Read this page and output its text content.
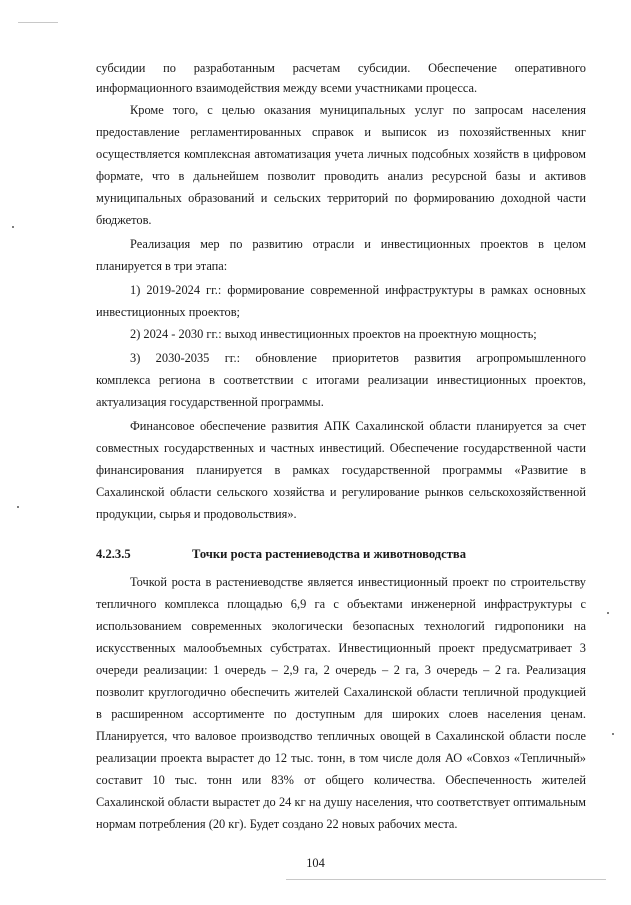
субсидии по разработанным расчетам субсидии. Обеспечение оперативного
информационного взаимодействия между всеми участниками процесса.
Кроме того, с целью оказания муниципальных услуг по запросам населения
предоставление регламентированных справок и выписок из похозяйственных книг
осуществляется комплексная автоматизация учета личных подсобных хозяйств в цифровом
формате, что в дальнейшем позволит проводить анализ ресурсной базы и активов
муниципальных образований и сельских территорий по формированию доходной части
бюджетов.
Реализация мер по развитию отрасли и инвестиционных проектов в целом
планируется в три этапа:
1) 2019-2024 гг.: формирование современной инфраструктуры в рамках основных
инвестиционных проектов;
2) 2024 - 2030 гг.: выход инвестиционных проектов на проектную мощность;
3) 2030-2035 гг.: обновление приоритетов развития агропромышленного
комплекса региона в соответствии с итогами реализации инвестиционных проектов,
актуализация государственной программы.
Финансовое обеспечение развития АПК Сахалинской области планируется за счет
совместных государственных и частных инвестиций. Обеспечение государственной части
финансирования планируется в рамках государственной программы «Развитие в
Сахалинской области сельского хозяйства и регулирование рынков сельскохозяйственной
продукции, сырья и продовольствия».
4.2.3.5	Точки роста растениеводства и животноводства
Точкой роста в растениеводстве является инвестиционный проект по строительству
тепличного комплекса площадью 6,9 га с объектами инженерной инфраструктуры с
использованием современных экологически безопасных технологий гидропоники на
искусственных малообъемных субстратах. Инвестиционный проект предусматривает 3
очереди реализации: 1 очередь – 2,9 га, 2 очередь – 2 га, 3 очередь – 2 га. Реализация
позволит круглогодично обеспечить жителей Сахалинской области тепличной продукцией
в расширенном ассортименте по доступным для широких слоев населения ценам.
Планируется, что валовое производство тепличных овощей в Сахалинской области после
реализации проекта вырастет до 12 тыс. тонн, в том числе доля АО «Совхоз «Тепличный»
составит 10 тыс. тонн или 83% от общего количества. Обеспеченность жителей
Сахалинской области вырастет до 24 кг на душу населения, что соответствует оптимальным
нормам потребления (20 кг). Будет создано 22 новых рабочих места.
104
